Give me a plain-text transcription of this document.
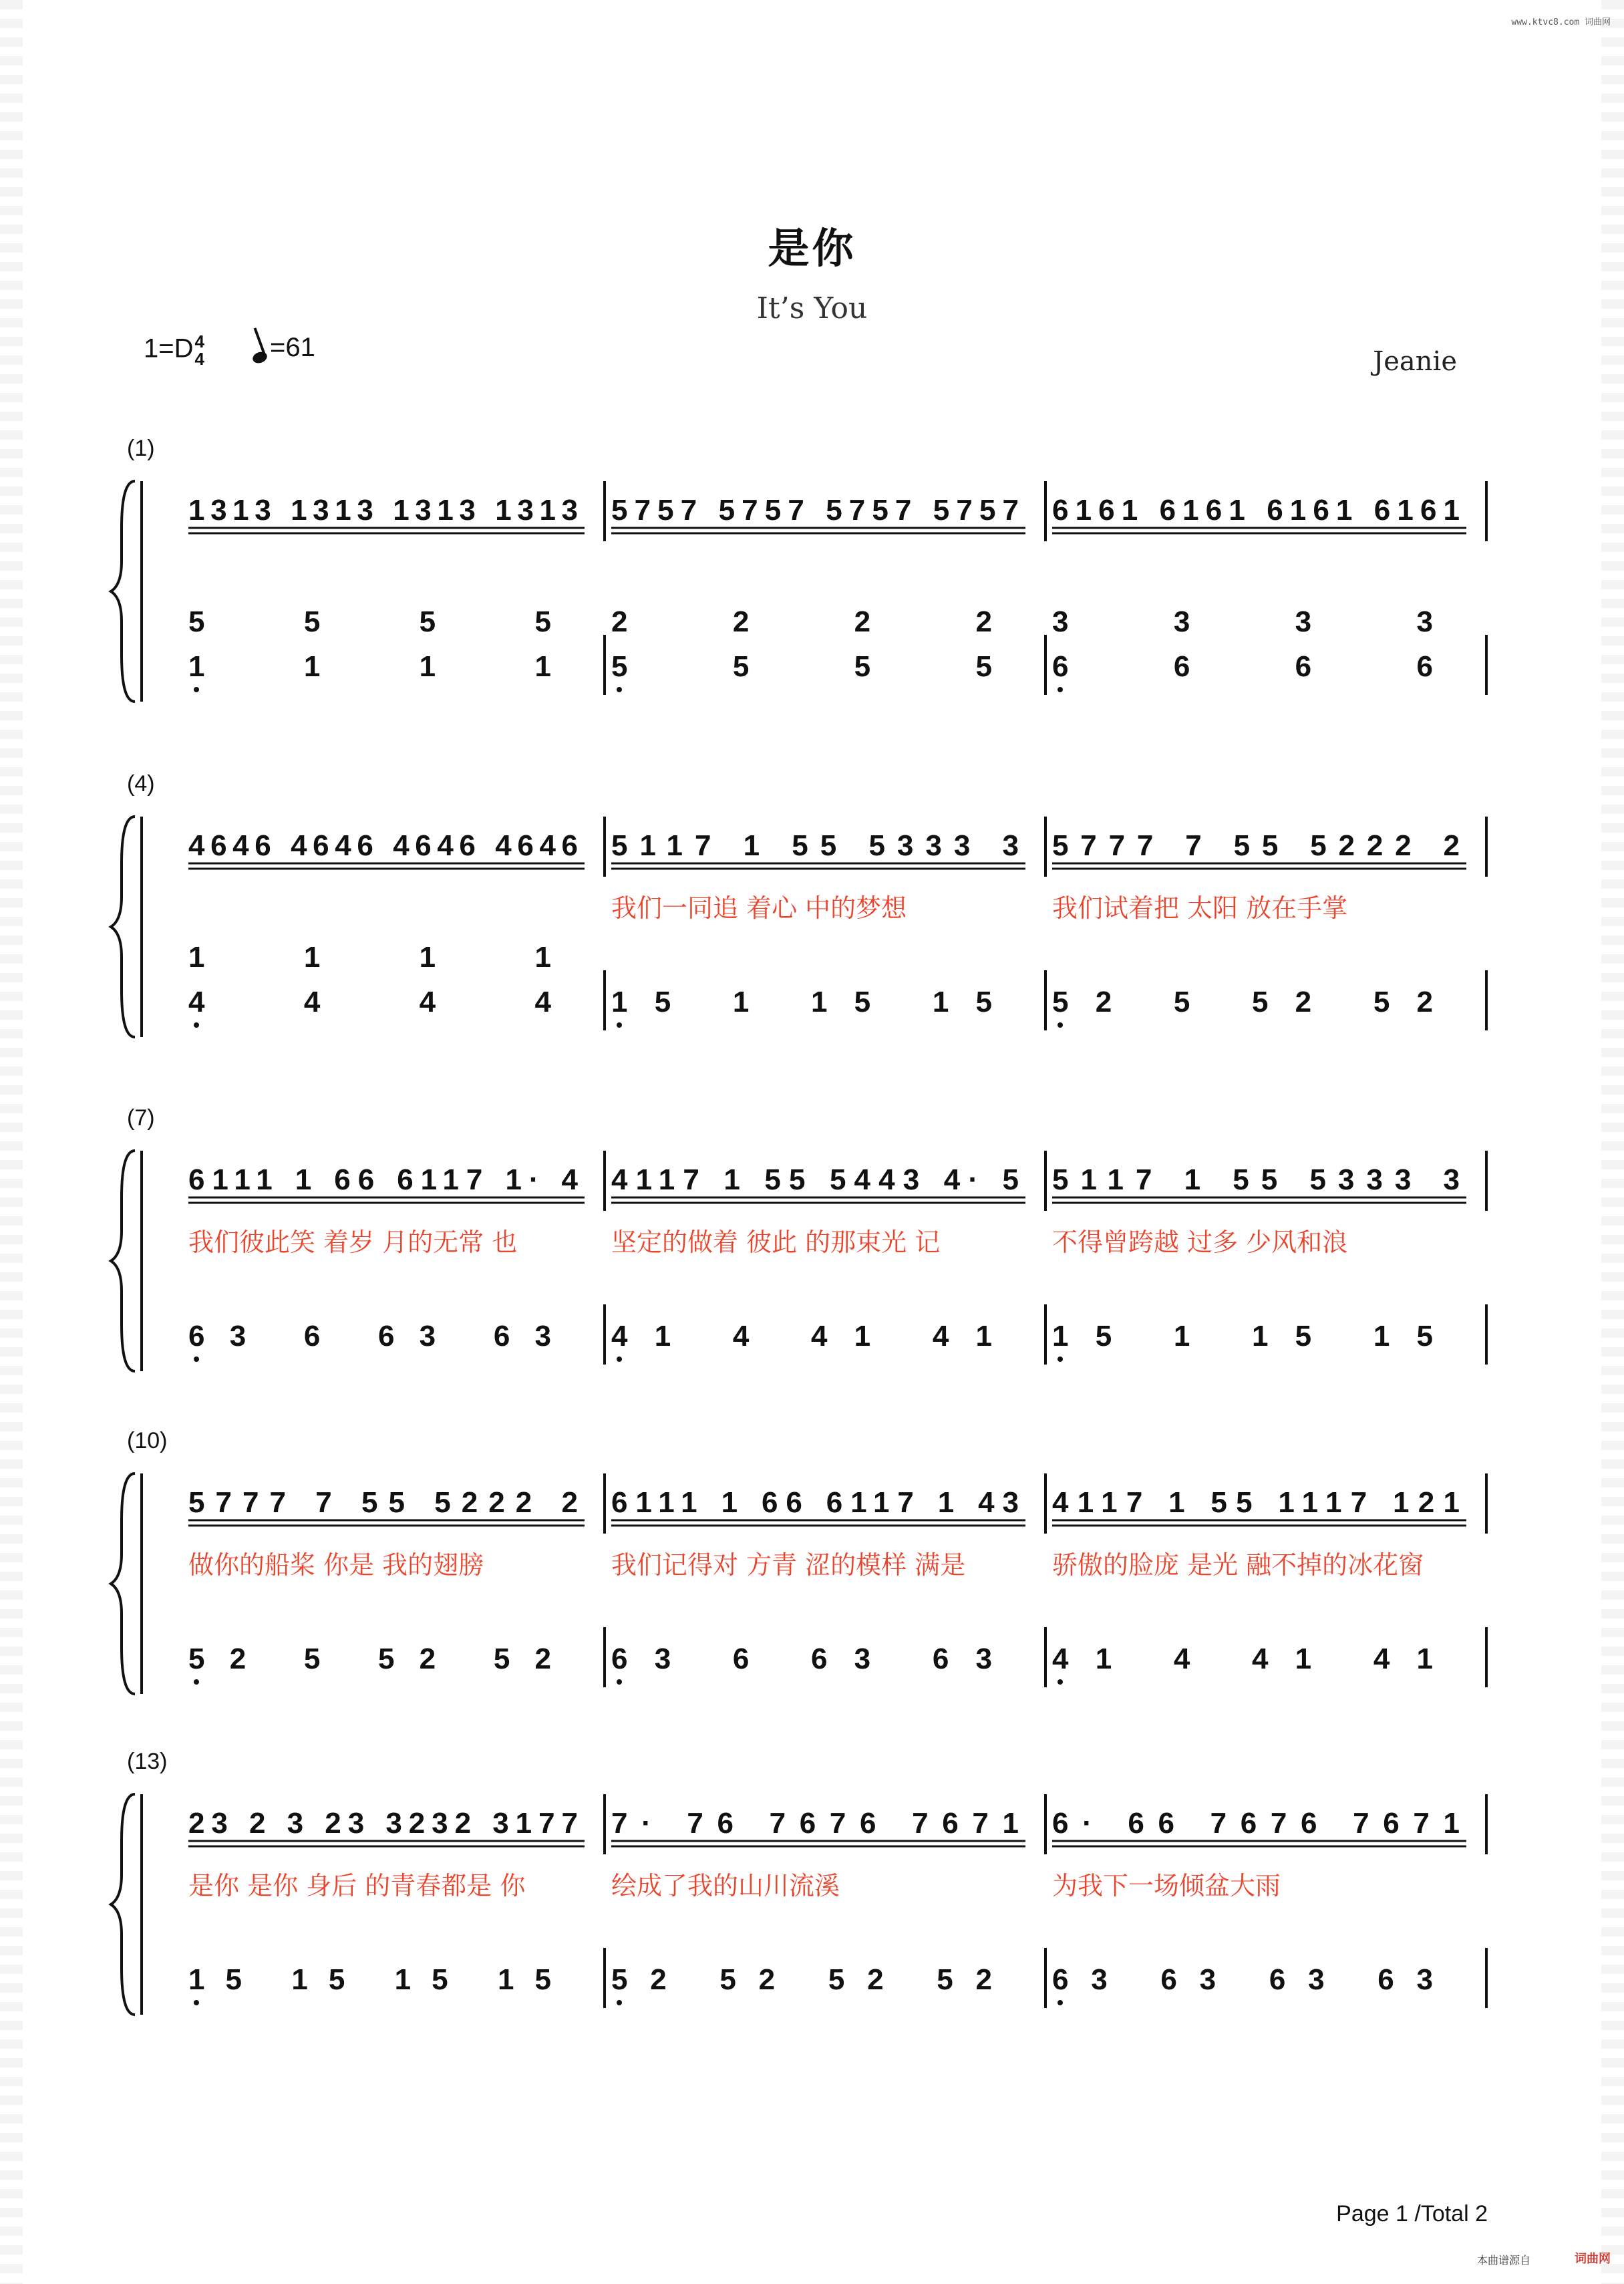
www.ktvc8.com 词曲网
是你
It’s You
1=D 4
4	=61	Jeanie
(1)
1313 1313 1313 1313
5 5 5 5
1 1 1 1
5757 5757 5757 5757
2 2 2 2
5 5 5 5
6161 6161 6161 6161
3 3 3 3
6 6 6 6
(4)
4646 4646 4646 4646
1 1 1 1
4 4 4 4
5117 1 55 5333 3
我们一同追 着心 中的梦想
15 1 15 15
5777 7 55 5222 2
我们试着把 太阳 放在手掌
52 5 52 52
(7)
6111 1 66 6117 1· 4
我们彼此笑 着岁 月的无常 也
63 6 63 63
4117 1 55 5443 4· 5
坚定的做着 彼此 的那束光 记
41 4 41 41
5117 1 55 5333 3
不得曾跨越 过多 少风和浪
15 1 15 15
(10)
5777 7 55 5222 2
做你的船桨 你是 我的翅膀
52 5 52 52
6111 1 66 6117 1 43
我们记得对 方青 涩的模样 满是
63 6 63 63
4117 1 55 1117 121
骄傲的脸庞 是光 融不掉的冰花窗
41 4 41 41
(13)
23 2 3 23 3232 3177
是你 是你 身后 的青春都是 你
15 15 15 15
7· 76 7676 7671
绘成了我的山川流溪
52 52 52 52
6· 66 7676 7671
为我下一场倾盆大雨
63 63 63 63
Page 1 /Total 2
本曲谱源自	词曲网
